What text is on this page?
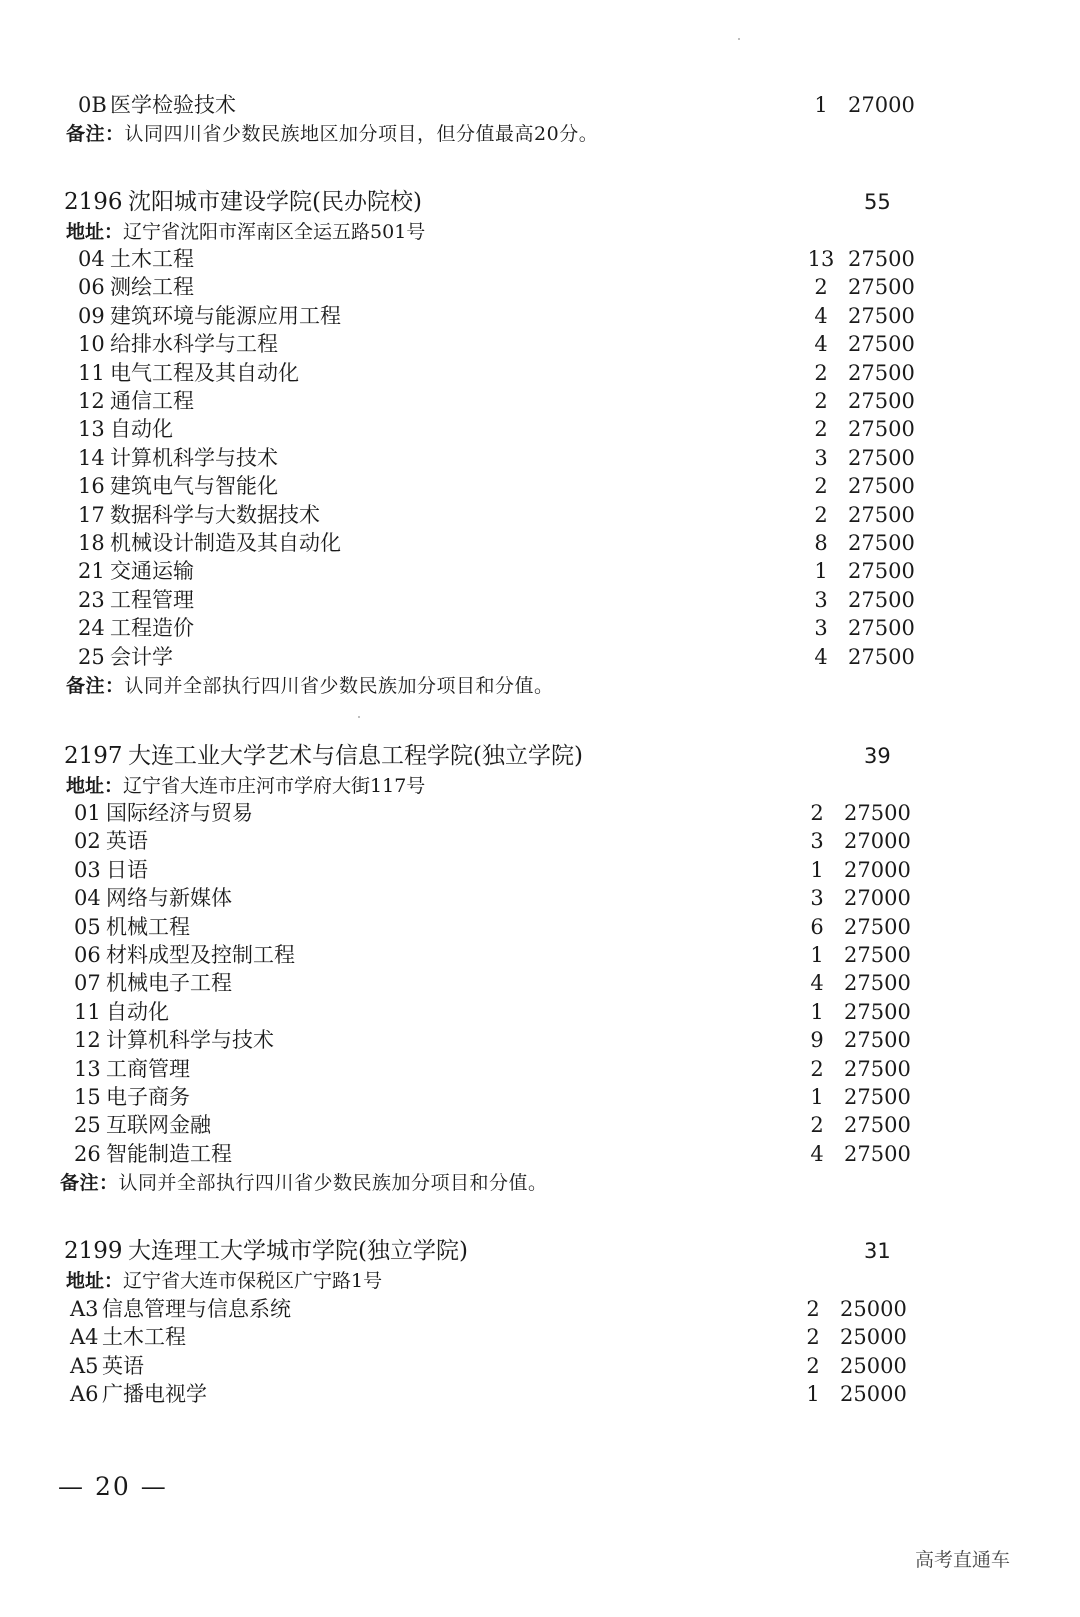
0B 医学检验技术	1 27000
备注：认同四川省少数民族地区加分项目，但分值最高20分。
2196 沈阳城市建设学院(民办院校)	55
地址：辽宁省沈阳市浑南区全运五路501号
04 土木工程	13 27500
06 测绘工程	2 27500
09 建筑环境与能源应用工程	4 27500
10 给排水科学与工程	4 27500
11 电气工程及其自动化	2 27500
12 通信工程	2 27500
13 自动化	2 27500
14 计算机科学与技术	3 27500
16 建筑电气与智能化	2 27500
17 数据科学与大数据技术	2 27500
18 机械设计制造及其自动化	8 27500
21 交通运输	1 27500
23 工程管理	3 27500
24 工程造价	3 27500
25 会计学	4 27500
备注：认同并全部执行四川省少数民族加分项目和分值。
2197 大连工业大学艺术与信息工程学院(独立学院)	39
地址：辽宁省大连市庄河市学府大街117号
01 国际经济与贸易	2 27500
02 英语	3 27000
03 日语	1 27000
04 网络与新媒体	3 27000
05 机械工程	6 27500
06 材料成型及控制工程	1 27500
07 机械电子工程	4 27500
11 自动化	1 27500
12 计算机科学与技术	9 27500
13 工商管理	2 27500
15 电子商务	1 27500
25 互联网金融	2 27500
26 智能制造工程	4 27500
备注：认同并全部执行四川省少数民族加分项目和分值。
2199 大连理工大学城市学院(独立学院)	31
地址：辽宁省大连市保税区广宁路1号
A3 信息管理与信息系统	2 25000
A4 土木工程	2 25000
A5 英语	2 25000
A6 广播电视学	1 25000
— 20 —
高考直通车
